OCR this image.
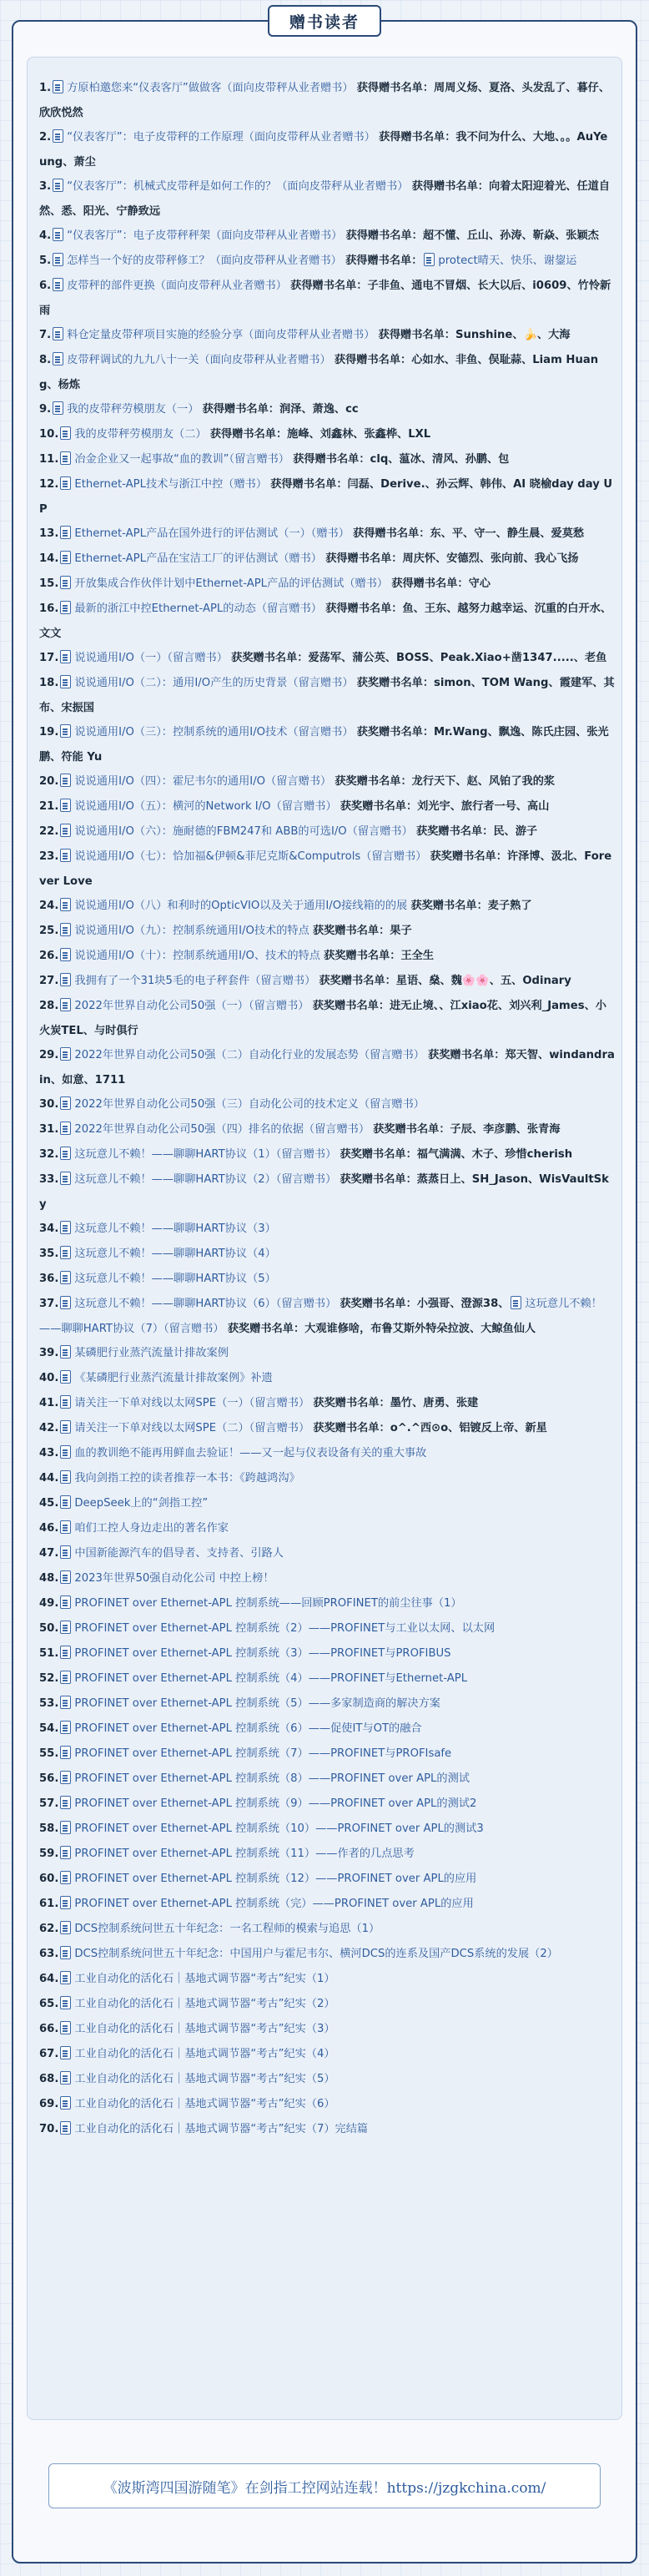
赠书读者
1. 方原柏邀您来“仪表客厅”做做客（面向皮带秤从业者赠书） 获得赠书名单：周周义炀、夏洛、头发乱了、暮仔、欣欣悦然
2. “仪表客厅”：电子皮带秤的工作原理（面向皮带秤从业者赠书） 获得赠书名单：我不问为什么、大地、。。AuYeung、萧尘
3. “仪表客厅”：机械式皮带秤是如何工作的？（面向皮带秤从业者赠书） 获得赠书名单：向着太阳迎着光、任道自然、悉、阳光、宁静致远
4. “仪表客厅”：电子皮带秤秤架（面向皮带秤从业者赠书） 获得赠书名单：超不懂、丘山、孙涛、靳焱、张颖杰
5. 怎样当一个好的皮带秤修工？（面向皮带秤从业者赠书） 获得赠书名单： protect晴天、快乐、谢鋆运
6. 皮带秤的部件更换（面向皮带秤从业者赠书） 获得赠书名单：子非鱼、通电不冒烟、长大以后、i0609、竹怜新雨
7. 料仓定量皮带秤项目实施的经验分享（面向皮带秤从业者赠书） 获得赠书名单：Sunshine、🍌、大海
8. 皮带秤调试的九九八十一关（面向皮带秤从业者赠书） 获得赠书名单：心如水、非鱼、俣耻蒜、Liam Huang、杨炼
9. 我的皮带秤劳模朋友（一） 获得赠书名单：润泽、萧逸、cc
10. 我的皮带秤劳模朋友（二） 获得赠书名单：施峰、刘鑫林、张鑫桦、LXL
11. 冶金企业又一起事故“血的教训”（留言赠书） 获得赠书名单：clq、蕰冰、清风、孙鹏、包
12. Ethernet-APL技术与浙江中控（赠书） 获得赠书名单：闫磊、Derive.、孙云辉、韩伟、AI 晓榆day day UP
13. Ethernet-APL产品在国外进行的评估测试（一）（赠书） 获得赠书名单：东、平、守一、静生晨、爱莫愁
14. Ethernet-APL产品在宝洁工厂的评估测试（赠书） 获得赠书名单：周庆怀、安德烈、张向前、我心飞扬
15. 开放集成合作伙伴计划中Ethernet-APL产品的评估测试（赠书） 获得赠书名单：守心
16. 最新的浙江中控Ethernet-APL的动态（留言赠书） 获得赠书名单：鱼、王东、越努力越幸运、沉重的白开水、文文
17. 说说通用I/O（一）（留言赠书） 获奖赠书名单：爱荡军、蒲公英、BOSS、Peak.Xiao+凿1347.....、老鱼
18. 说说通用I/O（二）：通用I/O产生的历史背景（留言赠书） 获奖赠书名单：simon、TOM Wang、霞建军、其布、宋振国
19. 说说通用I/O（三）：控制系统的通用I/O技术（留言赠书） 获奖赠书名单：Mr.Wang、飘逸、陈氏庄园、张光鹏、符能 Yu
20. 说说通用I/O（四）：霍尼韦尔的通用I/O（留言赠书） 获奖赠书名单：龙行天下、赵、风铂了我的浆
21. 说说通用I/O（五）：横河的Network I/O（留言赠书） 获奖赠书名单：刘光宇、旅行者一号、高山
22. 说说通用I/O（六）：施耐德的FBM247和 ABB的可选I/O（留言赠书） 获奖赠书名单：民、游子
23. 说说通用I/O（七）：恰加福&伊顿&菲尼克斯&Computrols（留言赠书） 获奖赠书名单：许泽博、汲北、Forever Love
24. 说说通用I/O（八）和利时的OpticVIO以及关于通用I/O接线箱的的展 获奖赠书名单：麦子熟了
25. 说说通用I/O（九）：控制系统通用I/O技术的特点 获奖赠书名单：果子
26. 说说通用I/O（十）：控制系统通用I/O、技术的特点 获奖赠书名单：王全生
27. 我拥有了一个31块5毛的电子秤套件（留言赠书） 获奖赠书名单：星语、燊、魏🌸🌸、五、Odinary
28. 2022年世界自动化公司50强（一）（留言赠书） 获奖赠书名单：进无止境、、江xiao花、刘兴利_James、小火炭TEL、与时俱行
29. 2022年世界自动化公司50强（二）自动化行业的发展态势（留言赠书） 获奖赠书名单：郑天智、windandrain、如意、1711
30. 2022年世界自动化公司50强（三）自动化公司的技术定义（留言赠书）
31. 2022年世界自动化公司50强（四）排名的依据（留言赠书） 获奖赠书名单：子辰、李彦鹏、张青海
32. 这玩意儿不赖！——聊聊HART协议（1）（留言赠书） 获奖赠书名单：福气满满、木子、珍惜cherish
33. 这玩意儿不赖！——聊聊HART协议（2）（留言赠书） 获奖赠书名单：蒸蒸日上、SH_Jason、WisVaultSky
34. 这玩意儿不赖！——聊聊HART协议（3）
35. 这玩意儿不赖！——聊聊HART协议（4）
36. 这玩意儿不赖！——聊聊HART协议（5）
37. 这玩意儿不赖！——聊聊HART协议（6）（留言赠书） 获奖赠书名单：小强哥、澄源38、 这玩意儿不赖！——聊聊HART协议（7）（留言赠书） 获奖赠书名单：大观谁修啥，布鲁艾斯外特朵拉波、大鲸鱼仙人
39. 某磷肥行业蒸汽流量计排故案例
40. 《某磷肥行业蒸汽流量计排故案例》补遗
41. 请关注一下单对线以太网SPE（一）（留言赠书） 获奖赠书名单：墨竹、唐勇、张建
42. 请关注一下单对线以太网SPE（二）（留言赠书） 获奖赠书名单：o^.^西⊙o、铝镀反上帝、新星
43. 血的教训绝不能再用鲜血去验证！——又一起与仪表设备有关的重大事故
44. 我向剑指工控的读者推荐一本书：《跨越鸿沟》
45. DeepSeek上的“剑指工控”
46. 咱们工控人身边走出的著名作家
47. 中国新能源汽车的倡导者、支持者、引路人
48. 2023年世界50强自动化公司 中控上榜！
49. PROFINET over Ethernet-APL 控制系统——回顾PROFINET的前尘往事（1）
50. PROFINET over Ethernet-APL 控制系统（2）——PROFINET与工业以太网、以太网
51. PROFINET over Ethernet-APL 控制系统（3）——PROFINET与PROFIBUS
52. PROFINET over Ethernet-APL 控制系统（4）——PROFINET与Ethernet-APL
53. PROFINET over Ethernet-APL 控制系统（5）——多家制造商的解决方案
54. PROFINET over Ethernet-APL 控制系统（6）——促使IT与OT的融合
55. PROFINET over Ethernet-APL 控制系统（7）——PROFINET与PROFIsafe
56. PROFINET over Ethernet-APL 控制系统（8）——PROFINET over APL的测试
57. PROFINET over Ethernet-APL 控制系统（9）——PROFINET over APL的测试2
58. PROFINET over Ethernet-APL 控制系统（10）——PROFINET over APL的测试3
59. PROFINET over Ethernet-APL 控制系统（11）——作者的几点思考
60. PROFINET over Ethernet-APL 控制系统（12）——PROFINET over APL的应用
61. PROFINET over Ethernet-APL 控制系统（完）——PROFINET over APL的应用
62. DCS控制系统问世五十年纪念：一名工程师的模索与追思（1）
63. DCS控制系统问世五十年纪念：中国用户与霍尼韦尔、横河DCS的连系及国产DCS系统的发展（2）
64. 工业自动化的活化石｜基地式调节器“考古”纪实（1）
65. 工业自动化的活化石｜基地式调节器“考古”纪实（2）
66. 工业自动化的活化石｜基地式调节器“考古”纪实（3）
67. 工业自动化的活化石｜基地式调节器“考古”纪实（4）
68. 工业自动化的活化石｜基地式调节器“考古”纪实（5）
69. 工业自动化的活化石｜基地式调节器“考古”纪实（6）
70. 工业自动化的活化石｜基地式调节器“考古”纪实（7）完结篇
《波斯湾四国游随笔》在剑指工控网站连载！https://jzgkchina.com/
